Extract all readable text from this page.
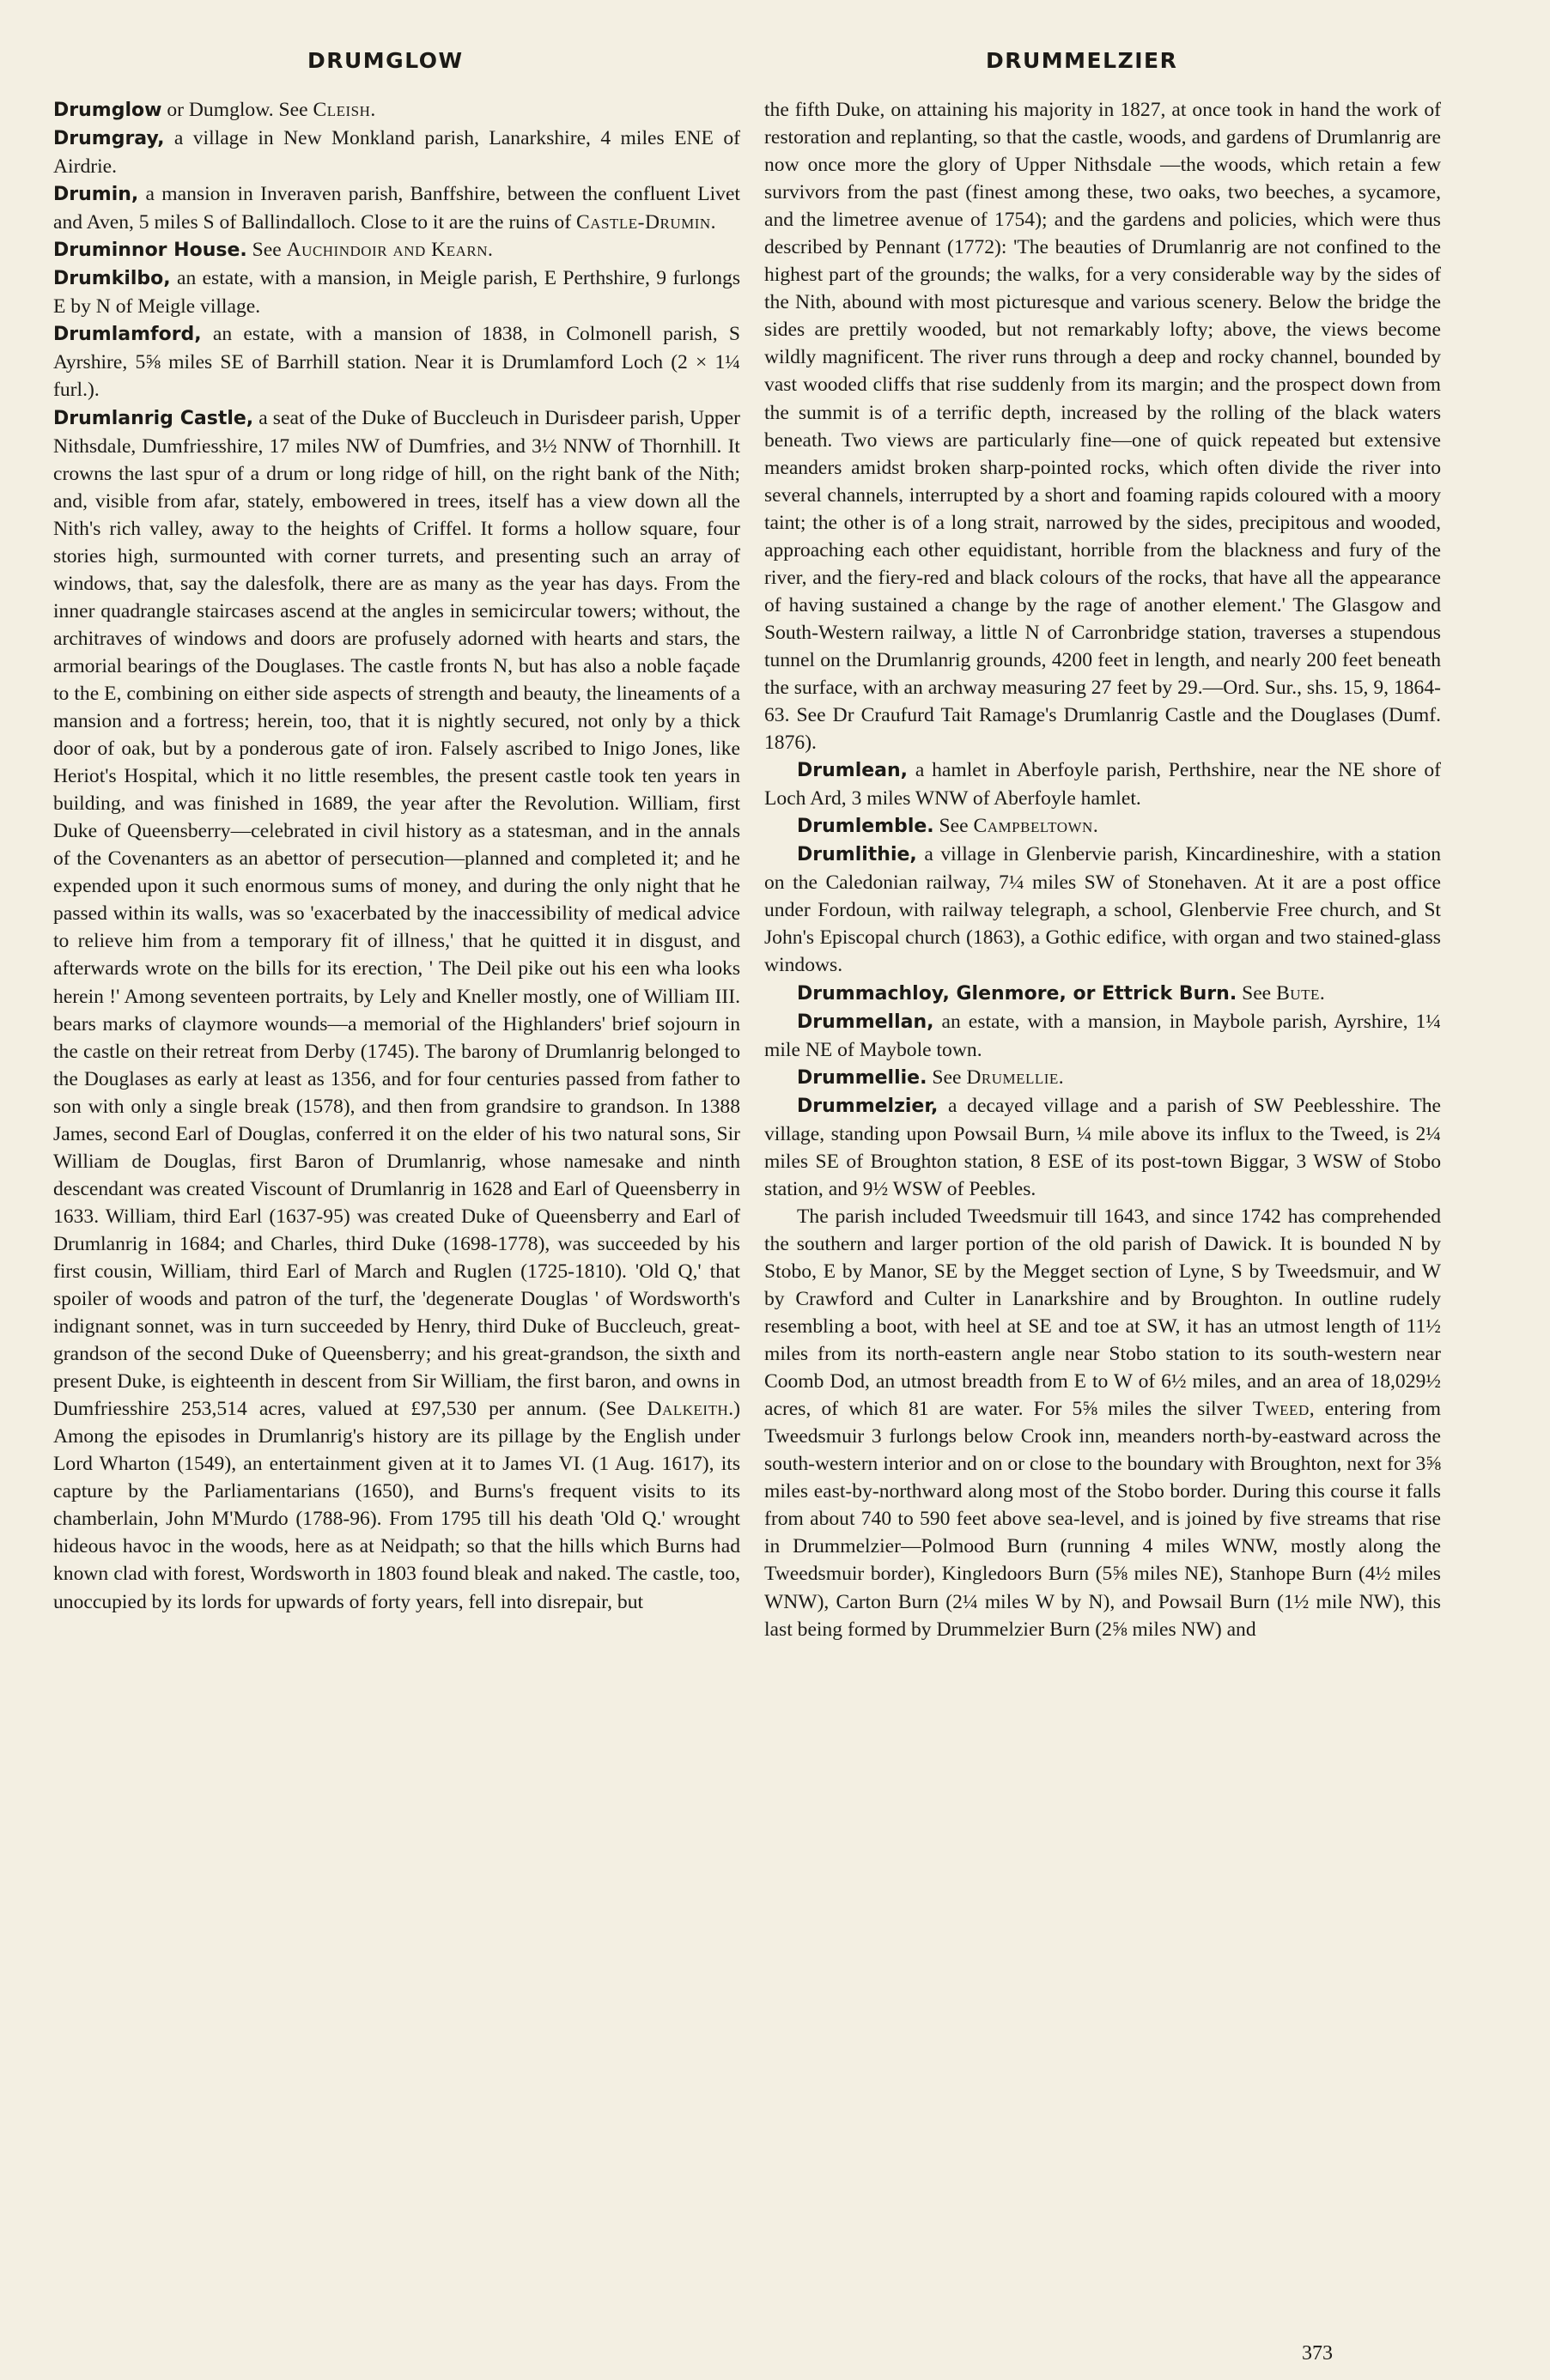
DRUMGLOW	DRUMMELZIER

Drumglow or Dumglow. See Cleish.

Drumgray, a village in New Monkland parish, Lanarkshire, 4 miles ENE of Airdrie.

Drumin, a mansion in Inveraven parish, Banffshire, between the confluent Livet and Aven, 5 miles S of Ballindalloch. Close to it are the ruins of Castle-Drumin.

Druminnor House. See Auchindoir and Kearn.

Drumkilbo, an estate, with a mansion, in Meigle parish, E Perthshire, 9 furlongs E by N of Meigle village.

Drumlamford, an estate, with a mansion of 1838, in Colmonell parish, S Ayrshire, 5⅝ miles SE of Barrhill station. Near it is Drumlamford Loch (2 × 1¼ furl.).

Drumlanrig Castle, a seat of the Duke of Buccleuch in Durisdeer parish, Upper Nithsdale, Dumfriesshire, 17 miles NW of Dumfries, and 3½ NNW of Thornhill. It crowns the last spur of a drum or long ridge of hill, on the right bank of the Nith; and, visible from afar, stately, embowered in trees, itself has a view down all the Nith's rich valley, away to the heights of Criffel. It forms a hollow square, four stories high, surmounted with corner turrets, and presenting such an array of windows, that, say the dalesfolk, there are as many as the year has days. From the inner quadrangle staircases ascend at the angles in semicircular towers; without, the architraves of windows and doors are profusely adorned with hearts and stars, the armorial bearings of the Douglases. The castle fronts N, but has also a noble façade to the E, combining on either side aspects of strength and beauty, the lineaments of a mansion and a fortress; herein, too, that it is nightly secured, not only by a thick door of oak, but by a ponderous gate of iron. Falsely ascribed to Inigo Jones, like Heriot's Hospital, which it no little resembles, the present castle took ten years in building, and was finished in 1689, the year after the Revolution. William, first Duke of Queensberry—celebrated in civil history as a statesman, and in the annals of the Covenanters as an abettor of persecution—planned and completed it; and he expended upon it such enormous sums of money, and during the only night that he passed within its walls, was so 'exacerbated by the inaccessibility of medical advice to relieve him from a temporary fit of illness,' that he quitted it in disgust, and afterwards wrote on the bills for its erection, ' The Deil pike out his een wha looks herein !' Among seventeen portraits, by Lely and Kneller mostly, one of William III. bears marks of claymore wounds—a memorial of the Highlanders' brief sojourn in the castle on their retreat from Derby (1745). The barony of Drumlanrig belonged to the Douglases as early at least as 1356, and for four centuries passed from father to son with only a single break (1578), and then from grandsire to grandson. In 1388 James, second Earl of Douglas, conferred it on the elder of his two natural sons, Sir William de Douglas, first Baron of Drumlanrig, whose namesake and ninth descendant was created Viscount of Drumlanrig in 1628 and Earl of Queensberry in 1633. William, third Earl (1637-95) was created Duke of Queensberry and Earl of Drumlanrig in 1684; and Charles, third Duke (1698-1778), was succeeded by his first cousin, William, third Earl of March and Ruglen (1725-1810). 'Old Q,' that spoiler of woods and patron of the turf, the 'degenerate Douglas ' of Wordsworth's indignant sonnet, was in turn succeeded by Henry, third Duke of Buccleuch, great-grandson of the second Duke of Queensberry; and his great-grandson, the sixth and present Duke, is eighteenth in descent from Sir William, the first baron, and owns in Dumfriesshire 253,514 acres, valued at £97,530 per annum. (See Dalkeith.) Among the episodes in Drumlanrig's history are its pillage by the English under Lord Wharton (1549), an entertainment given at it to James VI. (1 Aug. 1617), its capture by the Parliamentarians (1650), and Burns's frequent visits to its chamberlain, John M'Murdo (1788-96). From 1795 till his death 'Old Q.' wrought hideous havoc in the woods, here as at Neidpath; so that the hills which Burns had known clad with forest, Wordsworth in 1803 found bleak and naked. The castle, too, unoccupied by its lords for upwards of forty years, fell into disrepair, but

the fifth Duke, on attaining his majority in 1827, at once took in hand the work of restoration and replanting, so that the castle, woods, and gardens of Drumlanrig are now once more the glory of Upper Nithsdale —the woods, which retain a few survivors from the past (finest among these, two oaks, two beeches, a sycamore, and the limetree avenue of 1754); and the gardens and policies, which were thus described by Pennant (1772): 'The beauties of Drumlanrig are not confined to the highest part of the grounds; the walks, for a very considerable way by the sides of the Nith, abound with most picturesque and various scenery. Below the bridge the sides are prettily wooded, but not remarkably lofty; above, the views become wildly magnificent. The river runs through a deep and rocky channel, bounded by vast wooded cliffs that rise suddenly from its margin; and the prospect down from the summit is of a terrific depth, increased by the rolling of the black waters beneath. Two views are particularly fine—one of quick repeated but extensive meanders amidst broken sharp-pointed rocks, which often divide the river into several channels, interrupted by a short and foaming rapids coloured with a moory taint; the other is of a long strait, narrowed by the sides, precipitous and wooded, approaching each other equidistant, horrible from the blackness and fury of the river, and the fiery-red and black colours of the rocks, that have all the appearance of having sustained a change by the rage of another element.' The Glasgow and South-Western railway, a little N of Carronbridge station, traverses a stupendous tunnel on the Drumlanrig grounds, 4200 feet in length, and nearly 200 feet beneath the surface, with an archway measuring 27 feet by 29.—Ord. Sur., shs. 15, 9, 1864-63. See Dr Craufurd Tait Ramage's Drumlanrig Castle and the Douglases (Dumf. 1876).

Drumlean, a hamlet in Aberfoyle parish, Perthshire, near the NE shore of Loch Ard, 3 miles WNW of Aberfoyle hamlet.

Drumlemble. See Campbeltown.

Drumlithie, a village in Glenbervie parish, Kincardineshire, with a station on the Caledonian railway, 7¼ miles SW of Stonehaven. At it are a post office under Fordoun, with railway telegraph, a school, Glenbervie Free church, and St John's Episcopal church (1863), a Gothic edifice, with organ and two stained-glass windows.

Drummachloy, Glenmore, or Ettrick Burn. See Bute.

Drummellan, an estate, with a mansion, in Maybole parish, Ayrshire, 1¼ mile NE of Maybole town.

Drummellie. See Drumellie.

Drummelzier, a decayed village and a parish of SW Peeblesshire. The village, standing upon Powsail Burn, ¼ mile above its influx to the Tweed, is 2¼ miles SE of Broughton station, 8 ESE of its post-town Biggar, 3 WSW of Stobo station, and 9½ WSW of Peebles.

The parish included Tweedsmuir till 1643, and since 1742 has comprehended the southern and larger portion of the old parish of Dawick. It is bounded N by Stobo, E by Manor, SE by the Megget section of Lyne, S by Tweedsmuir, and W by Crawford and Culter in Lanarkshire and by Broughton. In outline rudely resembling a boot, with heel at SE and toe at SW, it has an utmost length of 11½ miles from its north-eastern angle near Stobo station to its south-western near Coomb Dod, an utmost breadth from E to W of 6½ miles, and an area of 18,029½ acres, of which 81 are water. For 5⅝ miles the silver Tweed, entering from Tweedsmuir 3 furlongs below Crook inn, meanders north-by-eastward across the south-western interior and on or close to the boundary with Broughton, next for 3⅝ miles east-by-northward along most of the Stobo border. During this course it falls from about 740 to 590 feet above sea-level, and is joined by five streams that rise in Drummelzier—Polmood Burn (running 4 miles WNW, mostly along the Tweedsmuir border), Kingledoors Burn (5⅝ miles NE), Stanhope Burn (4½ miles WNW), Carton Burn (2¼ miles W by N), and Powsail Burn (1½ mile NW), this last being formed by Drummelzier Burn (2⅝ miles NW) and

373
